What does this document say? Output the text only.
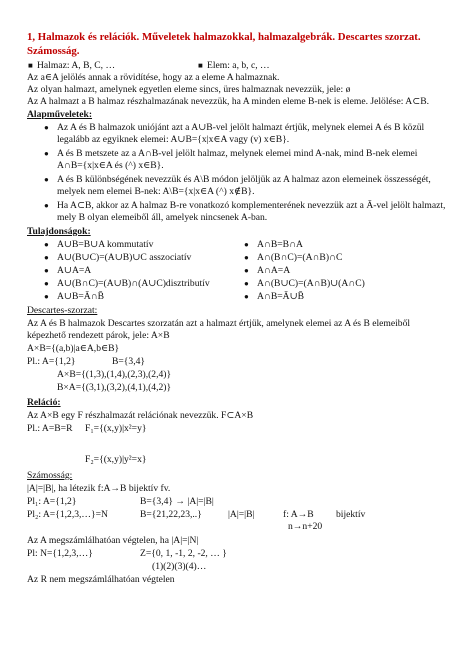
1, Halmazok és relációk. Műveletek halmazokkal, halmazalgebrák. Descartes szorzat.
Számosság.
■ Halmaz: A, B, C, …	■ Elem: a, b, c, …
Az a∈A jelölés annak a rövidítése, hogy az a eleme A halmaznak.
Az olyan halmazt, amelynek egyetlen eleme sincs, üres halmaznak nevezzük, jele: ø
Az A halmazt a B halmaz részhalmazának nevezzük, ha A minden eleme B-nek is eleme. Jelölése: A⊂B.
Alapműveletek:
● Az A és B halmazok uniójánt azt a A∪B-vel jelölt halmazt értjük, melynek elemei A és B közül
legalább az egyiknek elemei: A∪B={x|x∈A vagy (v) x∈B}.
● A és B metszete az a A∩B-vel jelölt halmaz, melynek elemei mind A-nak, mind B-nek elemei
A∩B={x|x∈A és (^) x∈B}.
● A és B különbségének nevezzük és A\B módon jelöljük az A halmaz azon elemeinek összességét,
melyek nem elemei B-nek: A\B={x|x∈A (^) x∉B}.
● Ha A⊂B, akkor az A halmaz B-re vonatkozó komplementerének nevezzük azt a Ā-vel jelölt halmazt,
mely B olyan elemeiből áll, amelyek nincsenek A-ban.
Tulajdonságok:
● A∪B=B∪A kommutatív	● A∩B=B∩A
● A∪(B∪C)=(A∪B)∪C asszociatív	● A∩(B∩C)=(A∩B)∩C
● A∪A=A	● A∩A=A
● A∪(B∩C)=(A∪B)∩(A∪C)disztributív	● A∩(B∪C)=(A∩B)∪(A∩C)
● A∪B=Ā∩B̄	● A∩B=Ā∪B̄
Descartes-szorzat:
Az A és B halmazok Descartes szorzatán azt a halmazt értjük, amelynek elemei az A és B elemeiből
képezhető rendezett párok, jele: A×B
A×B={(a,b)|a∈A,b∈B}
Pl.: A={1,2}	B={3,4}
A×B={(1,3),(1,4),(2,3),(2,4)}
B×A={(3,1),(3,2),(4,1),(4,2)}
Reláció:
Az A×B egy F részhalmazát relációnak nevezzük. F⊂A×B
Pl.: A=B=R F₁={(x,y)|x²=y}
F₂={(x,y)|y²=x}
Számosság:
|A|=|B|, ha létezik f:A→B bijektív fv.
Pl₁: A={1,2}	B={3,4} → |A|=|B|
Pl₂: A={1,2,3,…}=N	B={21,22,23,..}	|A|=|B|	f: A→B bijektív
n→n+20
Az A megszámlálhatóan végtelen, ha |A|=|N|
Pl: N={1,2,3,…}	Z={0, 1, -1, 2, -2, … }
(1)(2)(3)(4)…
Az R nem megszámlálhatóan végtelen
